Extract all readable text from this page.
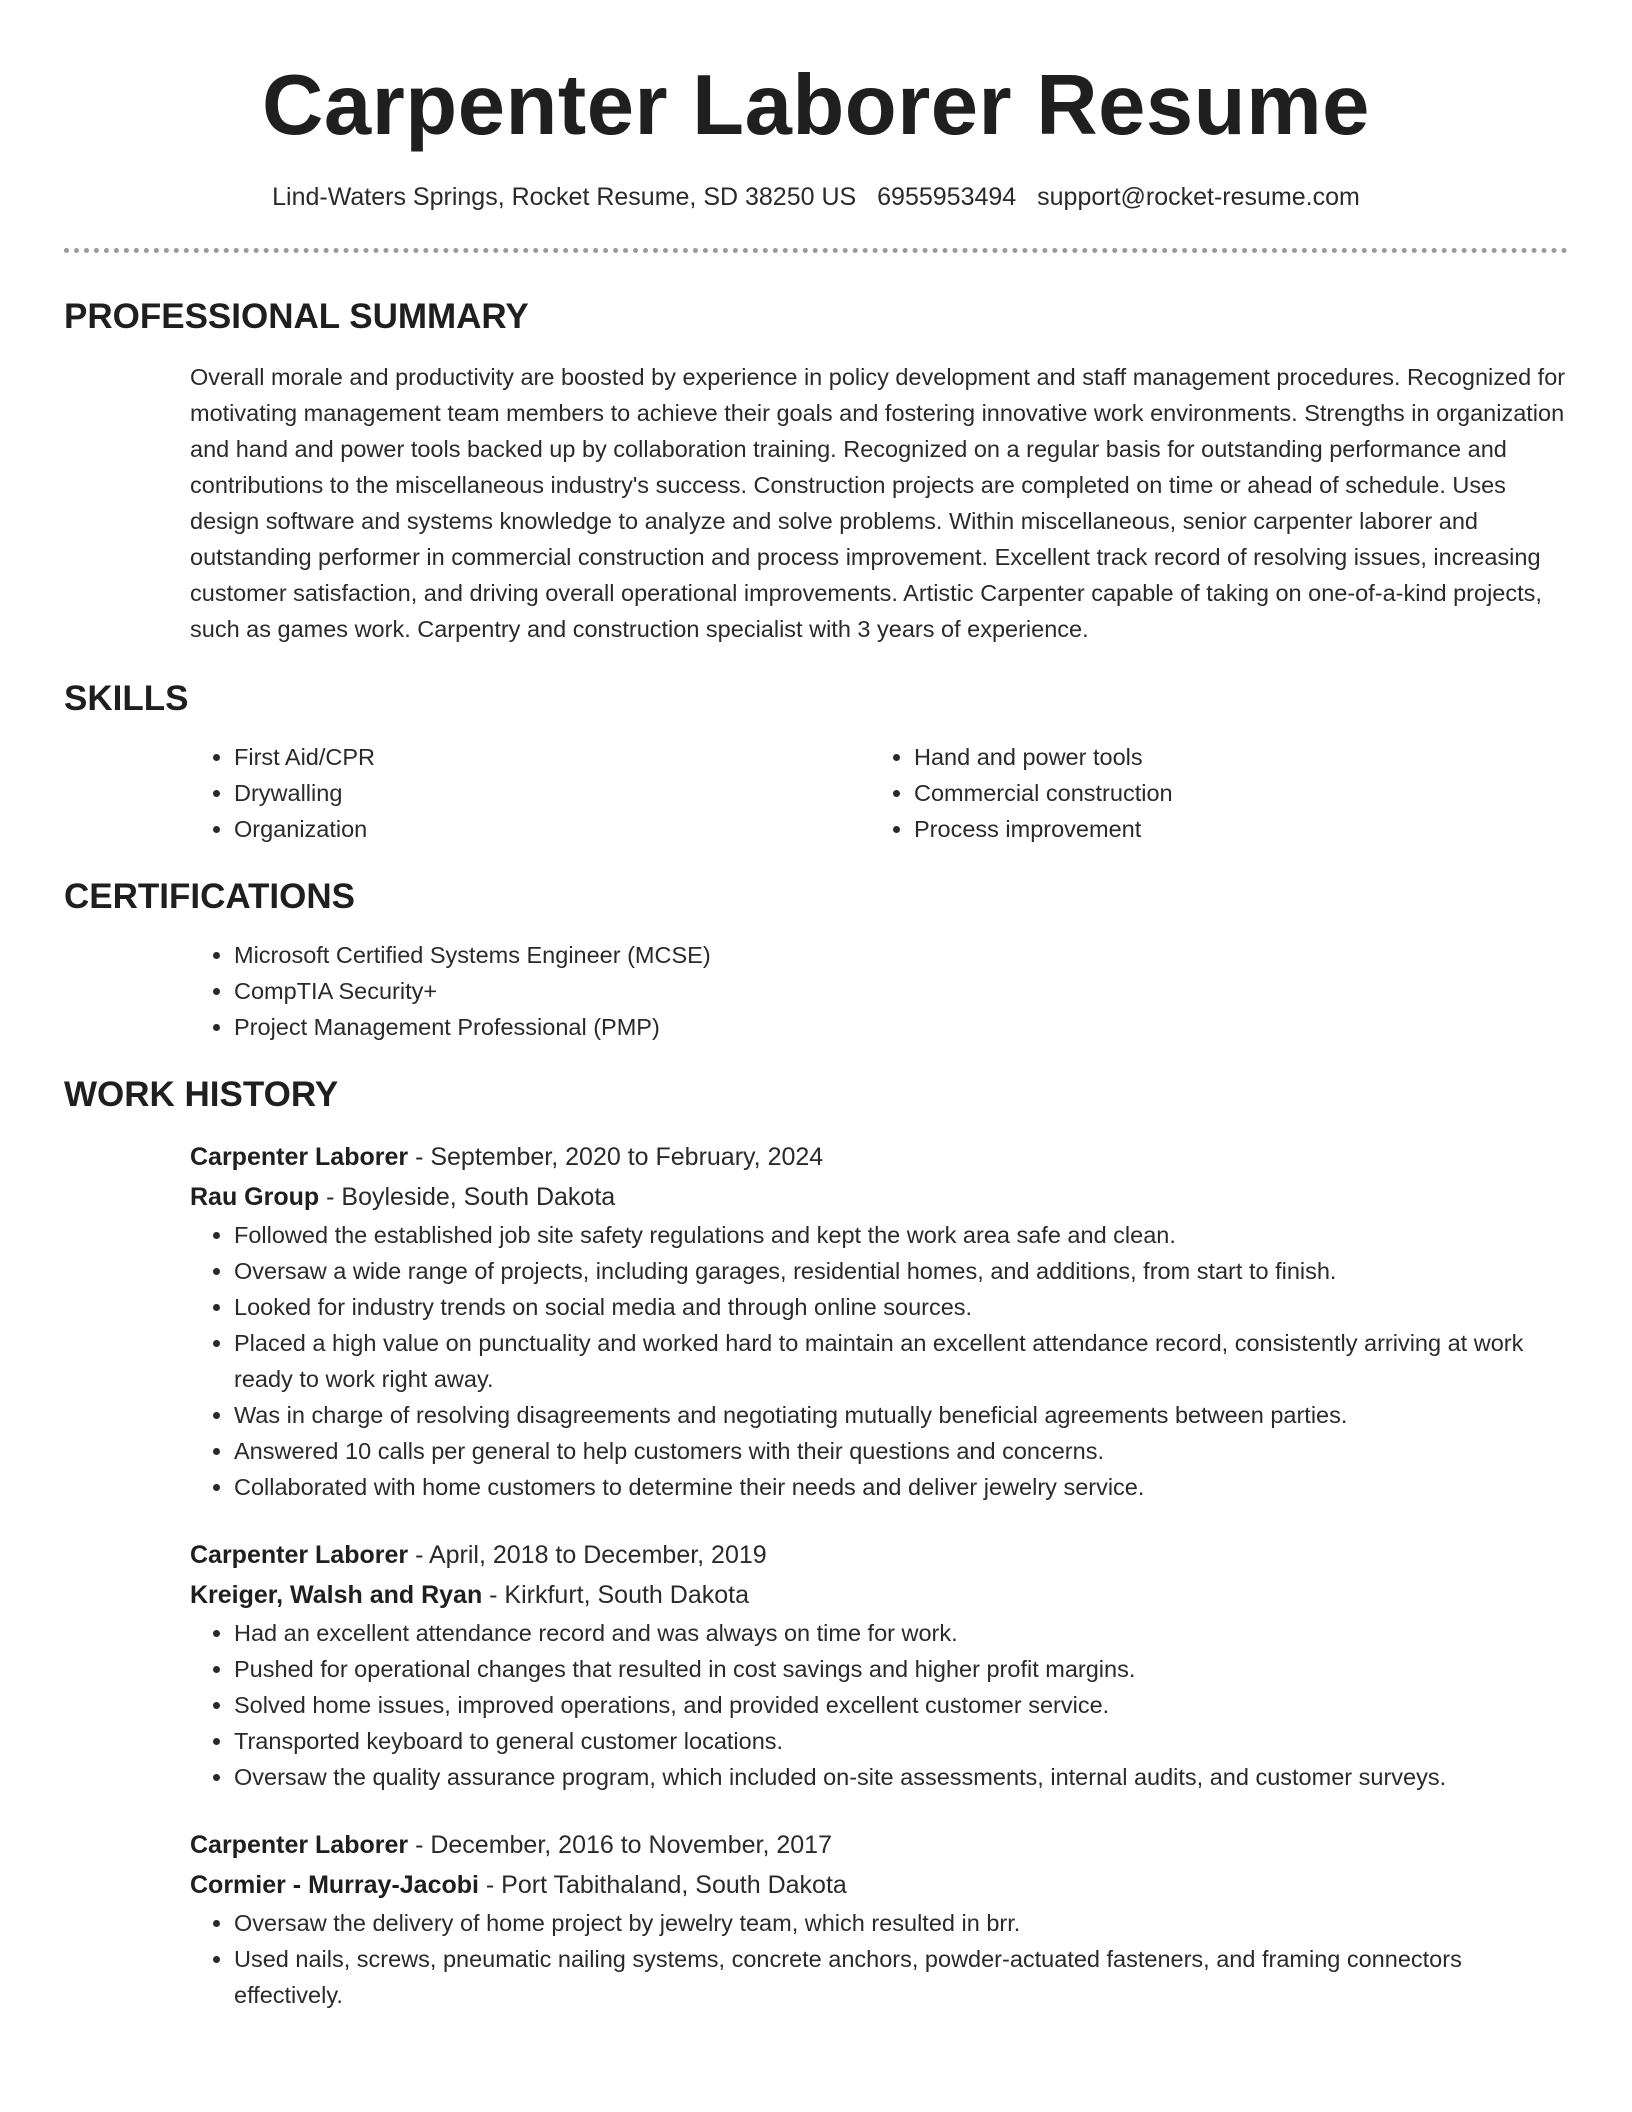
Carpenter Laborer Resume
Lind-Waters Springs, Rocket Resume, SD 38250 US 6955953494 support@rocket-resume.com
PROFESSIONAL SUMMARY
Overall morale and productivity are boosted by experience in policy development and staff management procedures. Recognized for motivating management team members to achieve their goals and fostering innovative work environments. Strengths in organization and hand and power tools backed up by collaboration training. Recognized on a regular basis for outstanding performance and contributions to the miscellaneous industry's success. Construction projects are completed on time or ahead of schedule. Uses design software and systems knowledge to analyze and solve problems. Within miscellaneous, senior carpenter laborer and outstanding performer in commercial construction and process improvement. Excellent track record of resolving issues, increasing customer satisfaction, and driving overall operational improvements. Artistic Carpenter capable of taking on one-of-a-kind projects, such as games work. Carpentry and construction specialist with 3 years of experience.
SKILLS
• First Aid/CPR
• Drywalling
• Organization
• Hand and power tools
• Commercial construction
• Process improvement
CERTIFICATIONS
• Microsoft Certified Systems Engineer (MCSE)
• CompTIA Security+
• Project Management Professional (PMP)
WORK HISTORY
Carpenter Laborer - September, 2020 to February, 2024
Rau Group - Boyleside, South Dakota
• Followed the established job site safety regulations and kept the work area safe and clean.
• Oversaw a wide range of projects, including garages, residential homes, and additions, from start to finish.
• Looked for industry trends on social media and through online sources.
• Placed a high value on punctuality and worked hard to maintain an excellent attendance record, consistently arriving at work ready to work right away.
• Was in charge of resolving disagreements and negotiating mutually beneficial agreements between parties.
• Answered 10 calls per general to help customers with their questions and concerns.
• Collaborated with home customers to determine their needs and deliver jewelry service.
Carpenter Laborer - April, 2018 to December, 2019
Kreiger, Walsh and Ryan - Kirkfurt, South Dakota
• Had an excellent attendance record and was always on time for work.
• Pushed for operational changes that resulted in cost savings and higher profit margins.
• Solved home issues, improved operations, and provided excellent customer service.
• Transported keyboard to general customer locations.
• Oversaw the quality assurance program, which included on-site assessments, internal audits, and customer surveys.
Carpenter Laborer - December, 2016 to November, 2017
Cormier - Murray-Jacobi - Port Tabithaland, South Dakota
• Oversaw the delivery of home project by jewelry team, which resulted in brr.
• Used nails, screws, pneumatic nailing systems, concrete anchors, powder-actuated fasteners, and framing connectors effectively.
